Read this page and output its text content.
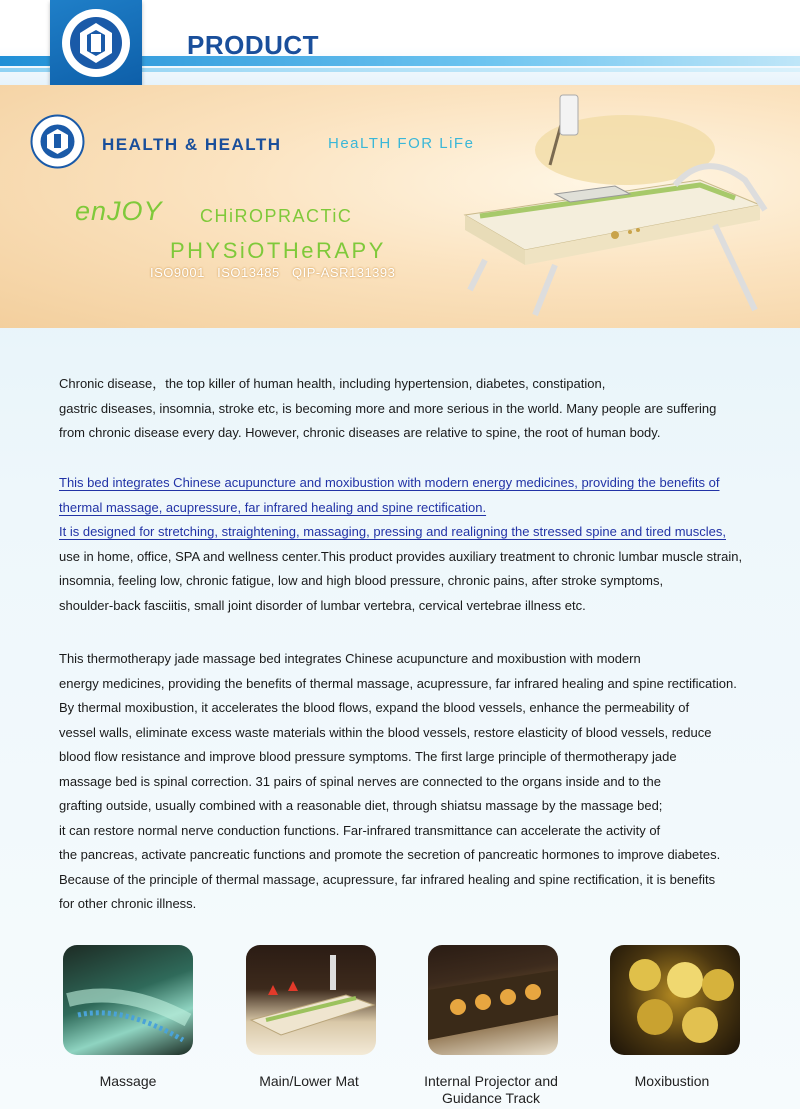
PRODUCT
HEALTH & HEALTH	HeaLTH FOR LiFe
enJOY CHiROPRACTiC
PHYSiOTHeRAPY
ISO9001   ISO13485   QIP-ASR131393
Chronic disease，the top killer of human health, including hypertension, diabetes, constipation,
gastric diseases, insomnia, stroke etc, is becoming more and more serious in the world. Many people are suffering
from chronic disease every day. However, chronic diseases are relative to spine, the root of human body.
This bed integrates Chinese acupuncture and moxibustion with modern energy medicines, providing the benefits of
thermal massage, acupressure, far infrared healing and spine rectification.
It is designed for stretching, straightening, massaging, pressing and realigning the stressed spine and tired muscles,
use in home, office, SPA and wellness center.This product provides auxiliary treatment to chronic lumbar muscle strain,
insomnia, feeling low, chronic fatigue, low and high blood pressure, chronic pains, after stroke symptoms,
shoulder-back fasciitis, small joint disorder of lumbar vertebra, cervical vertebrae illness etc.
This thermotherapy jade massage bed integrates Chinese acupuncture and moxibustion with modern
energy medicines, providing the benefits of thermal massage, acupressure, far infrared healing and spine rectification.
By thermal moxibustion, it accelerates the blood flows, expand the blood vessels, enhance the permeability of
vessel walls, eliminate excess waste materials within the blood vessels, restore elasticity of blood vessels, reduce
blood flow resistance and improve blood pressure symptoms. The first large principle of thermotherapy jade
massage bed is spinal correction. 31 pairs of spinal nerves are connected to the organs inside and to the
grafting outside, usually combined with a reasonable diet, through shiatsu massage by the massage bed;
it can restore normal nerve conduction functions. Far-infrared transmittance can accelerate the activity of
the pancreas, activate pancreatic functions and promote the secretion of pancreatic hormones to improve diabetes.
Because of the principle of thermal massage, acupressure, far infrared healing and spine rectification, it is benefits
for other chronic illness.
Massage	Main/Lower Mat	Internal Projector and
Guidance Track
Moxibustion
